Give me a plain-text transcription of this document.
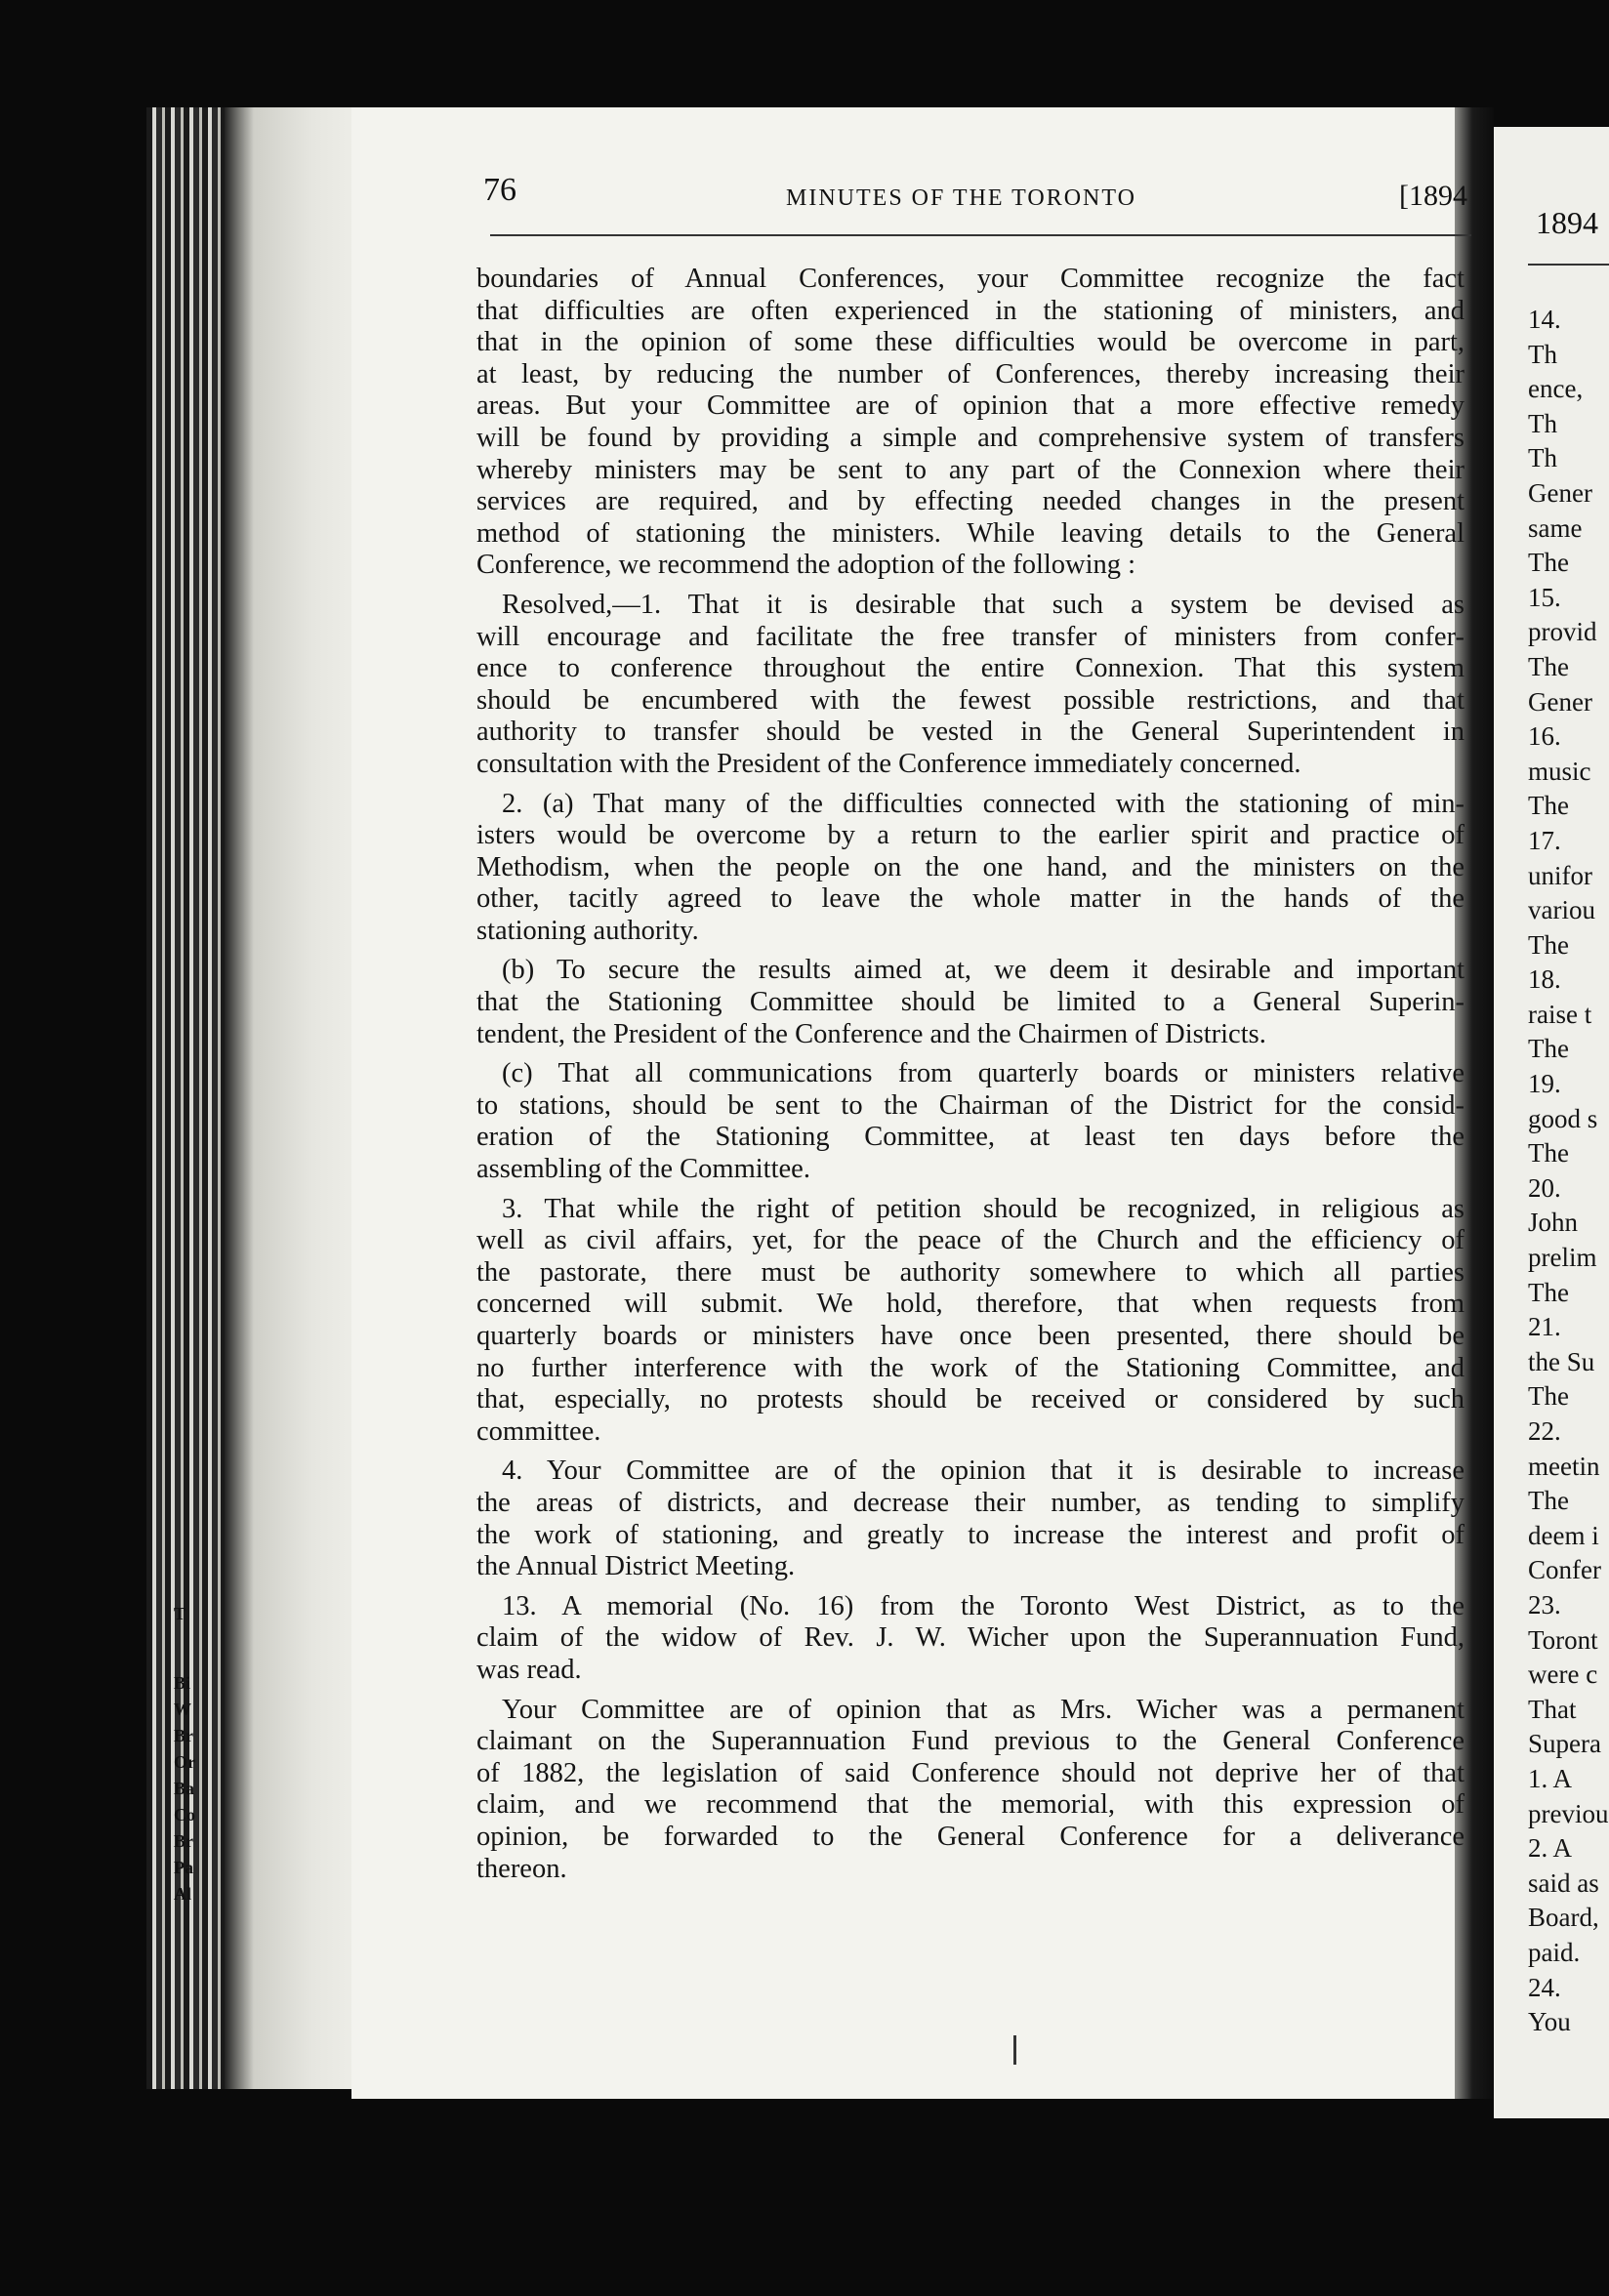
T
Bi
W
Br
Or
Ba
Co
Br
Pa
Al
76	MINUTES OF THE TORONTO	[1894

boundaries of Annual Conferences, your Committee recognize the fact
that difficulties are often experienced in the stationing of ministers, and
that in the opinion of some these difficulties would be overcome in part,
at least, by reducing the number of Conferences, thereby increasing their
areas. But your Committee are of opinion that a more effective remedy
will be found by providing a simple and comprehensive system of transfers
whereby ministers may be sent to any part of the Connexion where their
services are required, and by effecting needed changes in the present
method of stationing the ministers. While leaving details to the General
Conference, we recommend the adoption of the following :

Resolved,—1. That it is desirable that such a system be devised as
will encourage and facilitate the free transfer of ministers from confer-
ence to conference throughout the entire Connexion. That this system
should be encumbered with the fewest possible restrictions, and that
authority to transfer should be vested in the General Superintendent in
consultation with the President of the Conference immediately concerned.

2. (a) That many of the difficulties connected with the stationing of min-
isters would be overcome by a return to the earlier spirit and practice of
Methodism, when the people on the one hand, and the ministers on the
other, tacitly agreed to leave the whole matter in the hands of the
stationing authority.

(b) To secure the results aimed at, we deem it desirable and important
that the Stationing Committee should be limited to a General Superin-
tendent, the President of the Conference and the Chairmen of Districts.

(c) That all communications from quarterly boards or ministers relative
to stations, should be sent to the Chairman of the District for the consid-
eration of the Stationing Committee, at least ten days before the
assembling of the Committee.

3. That while the right of petition should be recognized, in religious as
well as civil affairs, yet, for the peace of the Church and the efficiency of
the pastorate, there must be authority somewhere to which all parties
concerned will submit. We hold, therefore, that when requests from
quarterly boards or ministers have once been presented, there should be
no further interference with the work of the Stationing Committee, and
that, especially, no protests should be received or considered by such
committee.

4. Your Committee are of the opinion that it is desirable to increase
the areas of districts, and decrease their number, as tending to simplify
the work of stationing, and greatly to increase the interest and profit of
the Annual District Meeting.

13. A memorial (No. 16) from the Toronto West District, as to the
claim of the widow of Rev. J. W. Wicher upon the Superannuation Fund,
was read.

Your Committee are of opinion that as Mrs. Wicher was a permanent
claimant on the Superannuation Fund previous to the General Conference
of 1882, the legislation of said Conference should not deprive her of that
claim, and we recommend that the memorial, with this expression of
opinion, be forwarded to the General Conference for a deliverance
thereon.

1894
14.
Th
ence,
Th
Th
Gener
same
The
15.
provid
The
Gener
16.
music
The
17.
unifor
variou
The
18.
raise t
The
19.
good s
The
20.
John
prelim
The
21.
the Su
The
22.
meetin
The
deem i
Confer
23.
Toront
were c
That
Supera
1. A
previou
2. A
said as
Board,
paid.
24.
You
